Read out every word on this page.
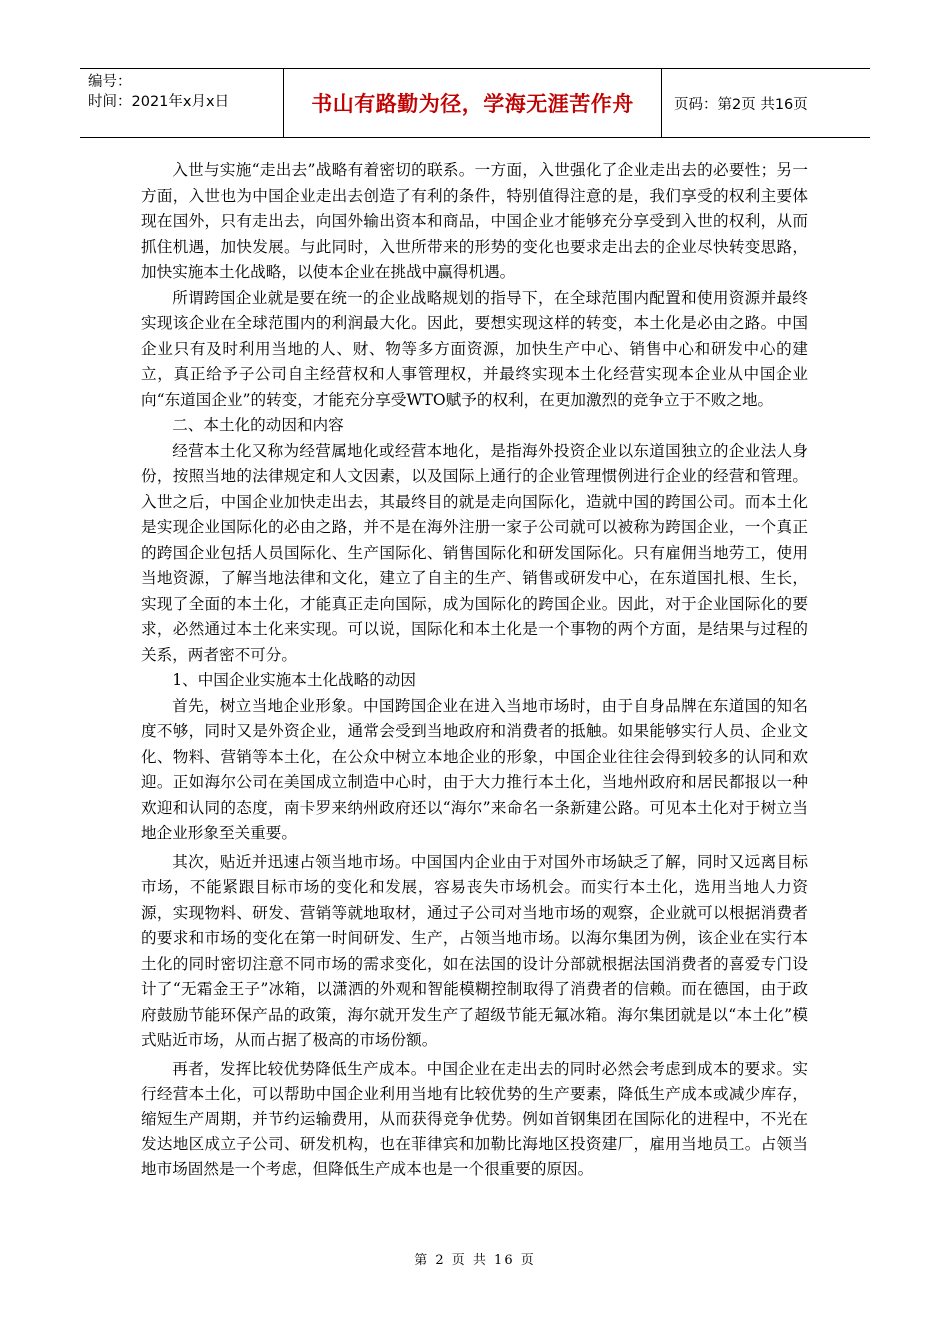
编号：
时间：2021年x月x日	书山有路勤为径，学海无涯苦作舟	页码：第2页 共16页

入世与实施“走出去”战略有着密切的联系。一方面，入世强化了企业走出去的必要性；另一方面，入世也为中国企业走出去创造了有利的条件，特别值得注意的是，我们享受的权利主要体现在国外，只有走出去，向国外输出资本和商品，中国企业才能够充分享受到入世的权利，从而抓住机遇，加快发展。与此同时，入世所带来的形势的变化也要求走出去的企业尽快转变思路，加快实施本土化战略，以使本企业在挑战中赢得机遇。

所谓跨国企业就是要在统一的企业战略规划的指导下，在全球范围内配置和使用资源并最终实现该企业在全球范围内的利润最大化。因此，要想实现这样的转变，本土化是必由之路。中国企业只有及时利用当地的人、财、物等多方面资源，加快生产中心、销售中心和研发中心的建立，真正给予子公司自主经营权和人事管理权，并最终实现本土化经营实现本企业从中国企业向“东道国企业”的转变，才能充分享受WTO赋予的权利，在更加激烈的竞争立于不败之地。

二、本土化的动因和内容

经营本土化又称为经营属地化或经营本地化，是指海外投资企业以东道国独立的企业法人身份，按照当地的法律规定和人文因素，以及国际上通行的企业管理惯例进行企业的经营和管理。入世之后，中国企业加快走出去，其最终目的就是走向国际化，造就中国的跨国公司。而本土化是实现企业国际化的必由之路，并不是在海外注册一家子公司就可以被称为跨国企业，一个真正的跨国企业包括人员国际化、生产国际化、销售国际化和研发国际化。只有雇佣当地劳工，使用当地资源，了解当地法律和文化，建立了自主的生产、销售或研发中心，在东道国扎根、生长，实现了全面的本土化，才能真正走向国际，成为国际化的跨国企业。因此，对于企业国际化的要求，必然通过本土化来实现。可以说，国际化和本土化是一个事物的两个方面，是结果与过程的关系，两者密不可分。

1、中国企业实施本土化战略的动因

首先，树立当地企业形象。中国跨国企业在进入当地市场时，由于自身品牌在东道国的知名度不够，同时又是外资企业，通常会受到当地政府和消费者的抵触。如果能够实行人员、企业文化、物料、营销等本土化，在公众中树立本地企业的形象，中国企业往往会得到较多的认同和欢迎。正如海尔公司在美国成立制造中心时，由于大力推行本土化，当地州政府和居民都报以一种欢迎和认同的态度，南卡罗来纳州政府还以“海尔”来命名一条新建公路。可见本土化对于树立当地企业形象至关重要。

其次，贴近并迅速占领当地市场。中国国内企业由于对国外市场缺乏了解，同时又远离目标市场，不能紧跟目标市场的变化和发展，容易丧失市场机会。而实行本土化，选用当地人力资源，实现物料、研发、营销等就地取材，通过子公司对当地市场的观察，企业就可以根据消费者的要求和市场的变化在第一时间研发、生产，占领当地市场。以海尔集团为例，该企业在实行本土化的同时密切注意不同市场的需求变化，如在法国的设计分部就根据法国消费者的喜爱专门设计了“无霜金王子”冰箱，以潇洒的外观和智能模糊控制取得了消费者的信赖。而在德国，由于政府鼓励节能环保产品的政策，海尔就开发生产了超级节能无氟冰箱。海尔集团就是以“本土化”模式贴近市场，从而占据了极高的市场份额。

再者，发挥比较优势降低生产成本。中国企业在走出去的同时必然会考虑到成本的要求。实行经营本土化，可以帮助中国企业利用当地有比较优势的生产要素，降低生产成本或减少库存，缩短生产周期，并节约运输费用，从而获得竞争优势。例如首钢集团在国际化的进程中，不光在发达地区成立子公司、研发机构，也在菲律宾和加勒比海地区投资建厂，雇用当地员工。占领当地市场固然是一个考虑，但降低生产成本也是一个很重要的原因。

第 2 页 共 16 页
